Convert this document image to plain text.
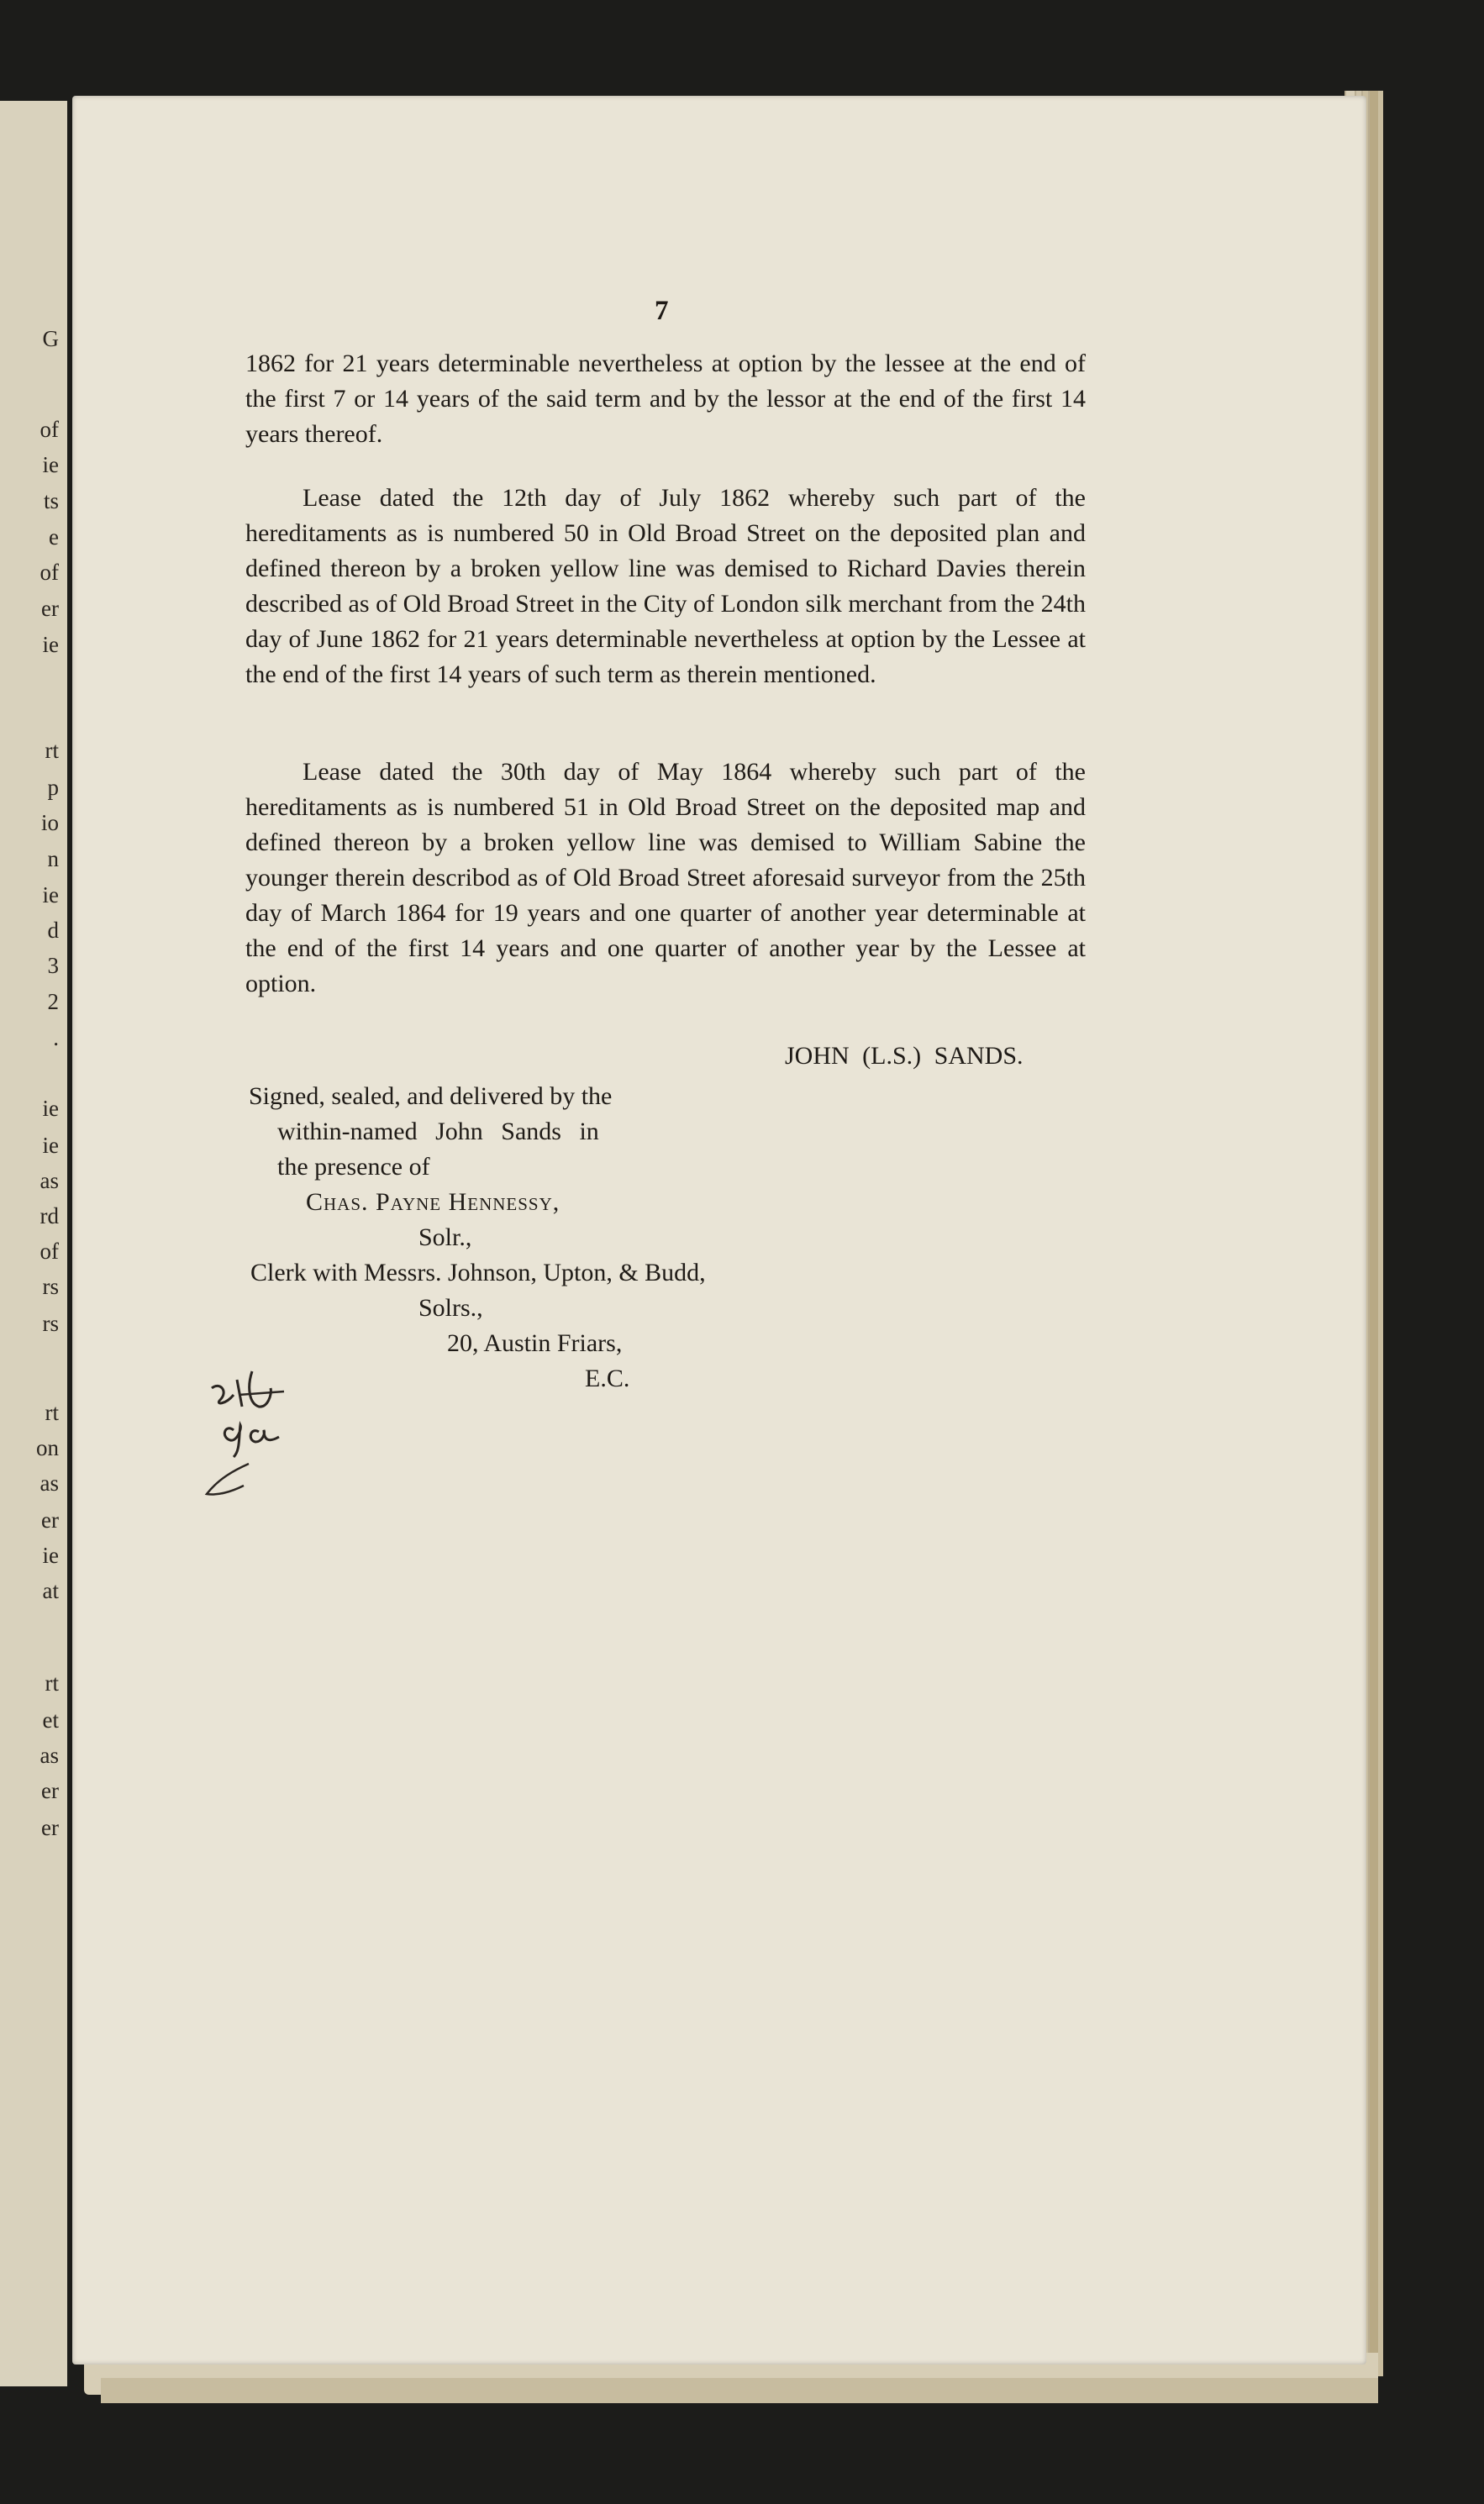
G
of
ie
ts
e
of
er
ie
rt
p
io
n
ie
d
3
2
.
ie
ie
as
rd
of
rs
rs
rt
on
as
er
ie
at
rt
et
as
er
er
7
1862 for 21 years determinable nevertheless at option by the lessee at the end of the first 7 or 14 years of the said term and by the lessor at the end of the first 14 years thereof.
Lease dated the 12th day of July 1862 whereby such part of the hereditaments as is numbered 50 in Old Broad Street on the deposited plan and defined thereon by a broken yellow line was demised to Richard Davies therein described as of Old Broad Street in the City of London silk merchant from the 24th day of June 1862 for 21 years determinable nevertheless at option by the Lessee at the end of the first 14 years of such term as therein mentioned.
Lease dated the 30th day of May 1864 whereby such part of the hereditaments as is numbered 51 in Old Broad Street on the deposited map and defined thereon by a broken yellow line was demised to William Sabine the younger therein describod as of Old Broad Street aforesaid surveyor from the 25th day of March 1864 for 19 years and one quarter of another year determinable at the end of the first 14 years and one quarter of another year by the Lessee at option.
JOHN (L.S.) SANDS.
Signed, sealed, and delivered by the
within-named John Sands in
the presence of
Chas. Payne Hennessy,
Solr.,
Clerk with Messrs. Johnson, Upton, & Budd,
Solrs.,
20, Austin Friars,
E.C.
